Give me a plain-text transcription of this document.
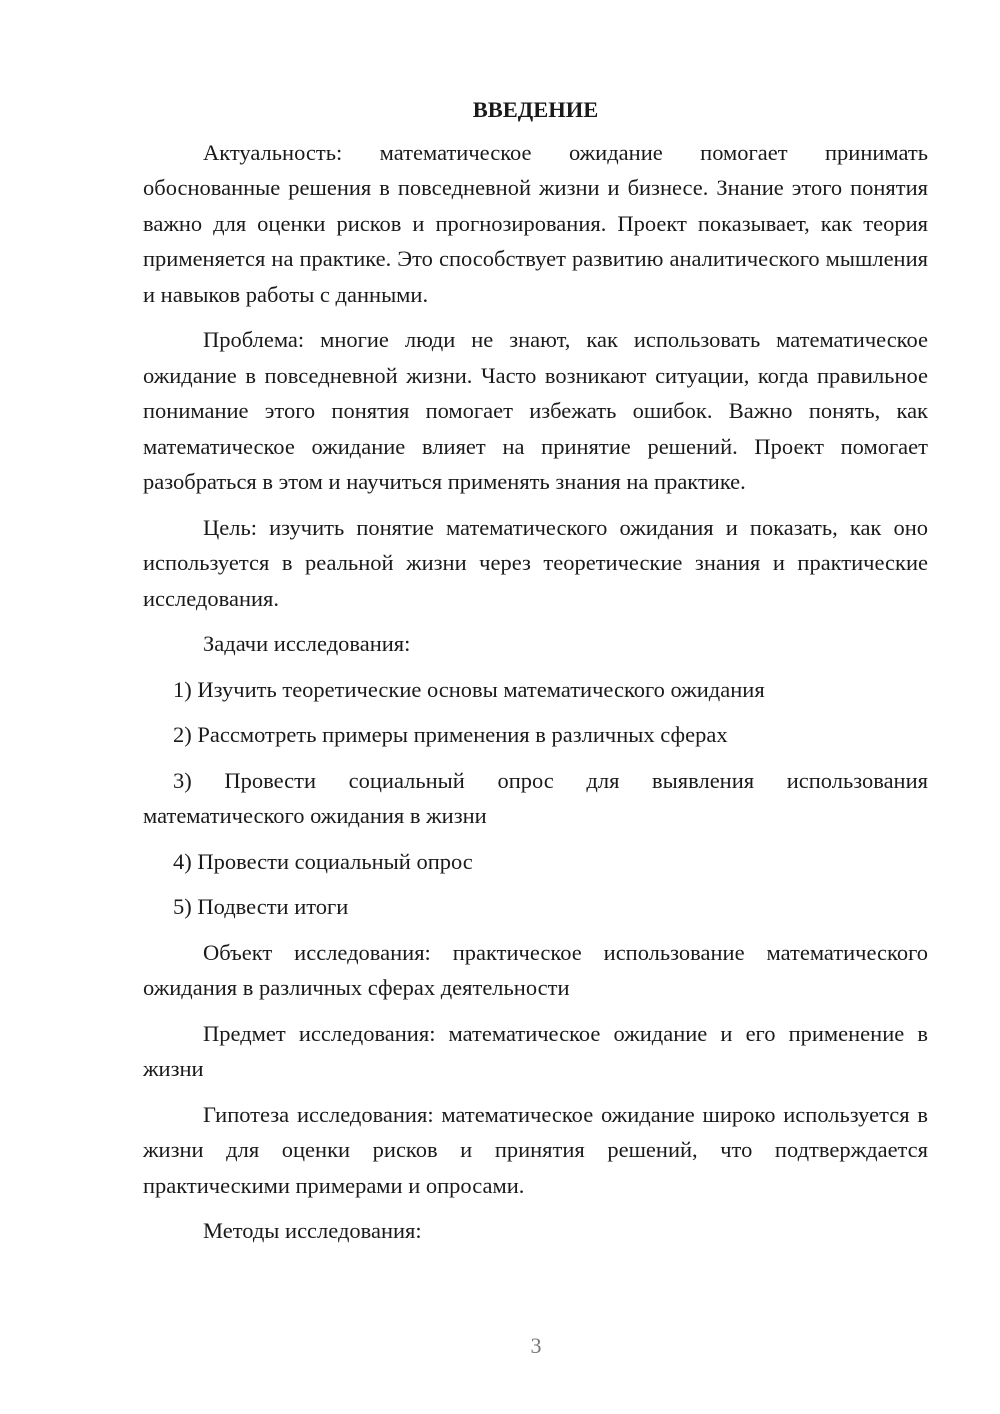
ВВЕДЕНИЕ

Актуальность: математическое ожидание помогает принимать обоснованные решения в повседневной жизни и бизнесе. Знание этого понятия важно для оценки рисков и прогнозирования. Проект показывает, как теория применяется на практике. Это способствует развитию аналитического мышления и навыков работы с данными.

Проблема: многие люди не знают, как использовать математическое ожидание в повседневной жизни. Часто возникают ситуации, когда правильное понимание этого понятия помогает избежать ошибок. Важно понять, как математическое ожидание влияет на принятие решений. Проект помогает разобраться в этом и научиться применять знания на практике.

Цель: изучить понятие математического ожидания и показать, как оно используется в реальной жизни через теоретические знания и практические исследования.

Задачи исследования:

1) Изучить теоретические основы математического ожидания

2) Рассмотреть примеры применения в различных сферах

3) Провести социальный опрос для выявления использования математического ожидания в жизни

4) Провести социальный опрос

5) Подвести итоги

Объект исследования: практическое использование математического ожидания в различных сферах деятельности

Предмет исследования: математическое ожидание и его применение в жизни

Гипотеза исследования: математическое ожидание широко используется в жизни для оценки рисков и принятия решений, что подтверждается практическими примерами и опросами.

Методы исследования:

3
